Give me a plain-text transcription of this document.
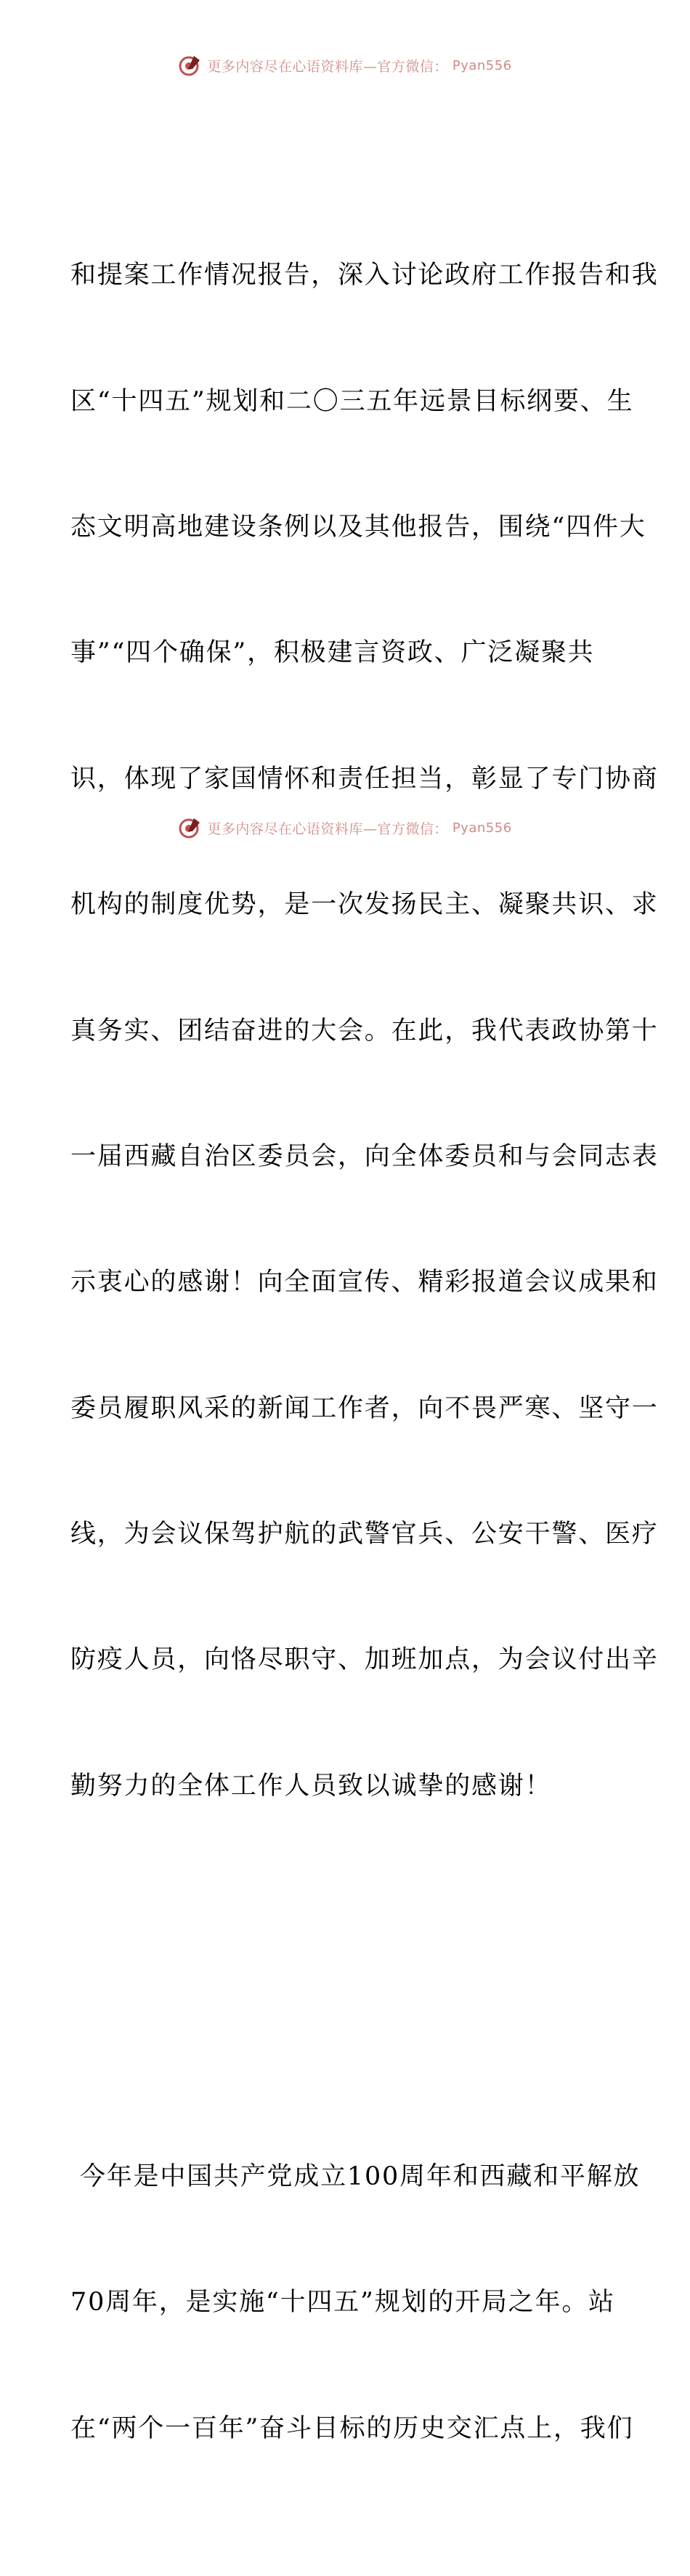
更多内容尽在心语资料库—官方微信： Pyan556

和提案工作情况报告，深入讨论政府工作报告和我

区“十四五”规划和二〇三五年远景目标纲要、生

态文明高地建设条例以及其他报告，围绕“四件大

事”“四个确保”，积极建言资政、广泛凝聚共

识，体现了家国情怀和责任担当，彰显了专门协商

机构的制度优势，是一次发扬民主、凝聚共识、求

真务实、团结奋进的大会。在此，我代表政协第十

一届西藏自治区委员会，向全体委员和与会同志表

示衷心的感谢！向全面宣传、精彩报道会议成果和

委员履职风采的新闻工作者，向不畏严寒、坚守一

线，为会议保驾护航的武警官兵、公安干警、医疗

防疫人员，向恪尽职守、加班加点，为会议付出辛

勤努力的全体工作人员致以诚挚的感谢！

今年是中国共产党成立100周年和西藏和平解放

70周年，是实施“十四五”规划的开局之年。站

在“两个一百年”奋斗目标的历史交汇点上，我们

更多内容尽在心语资料库—官方微信： Pyan556
